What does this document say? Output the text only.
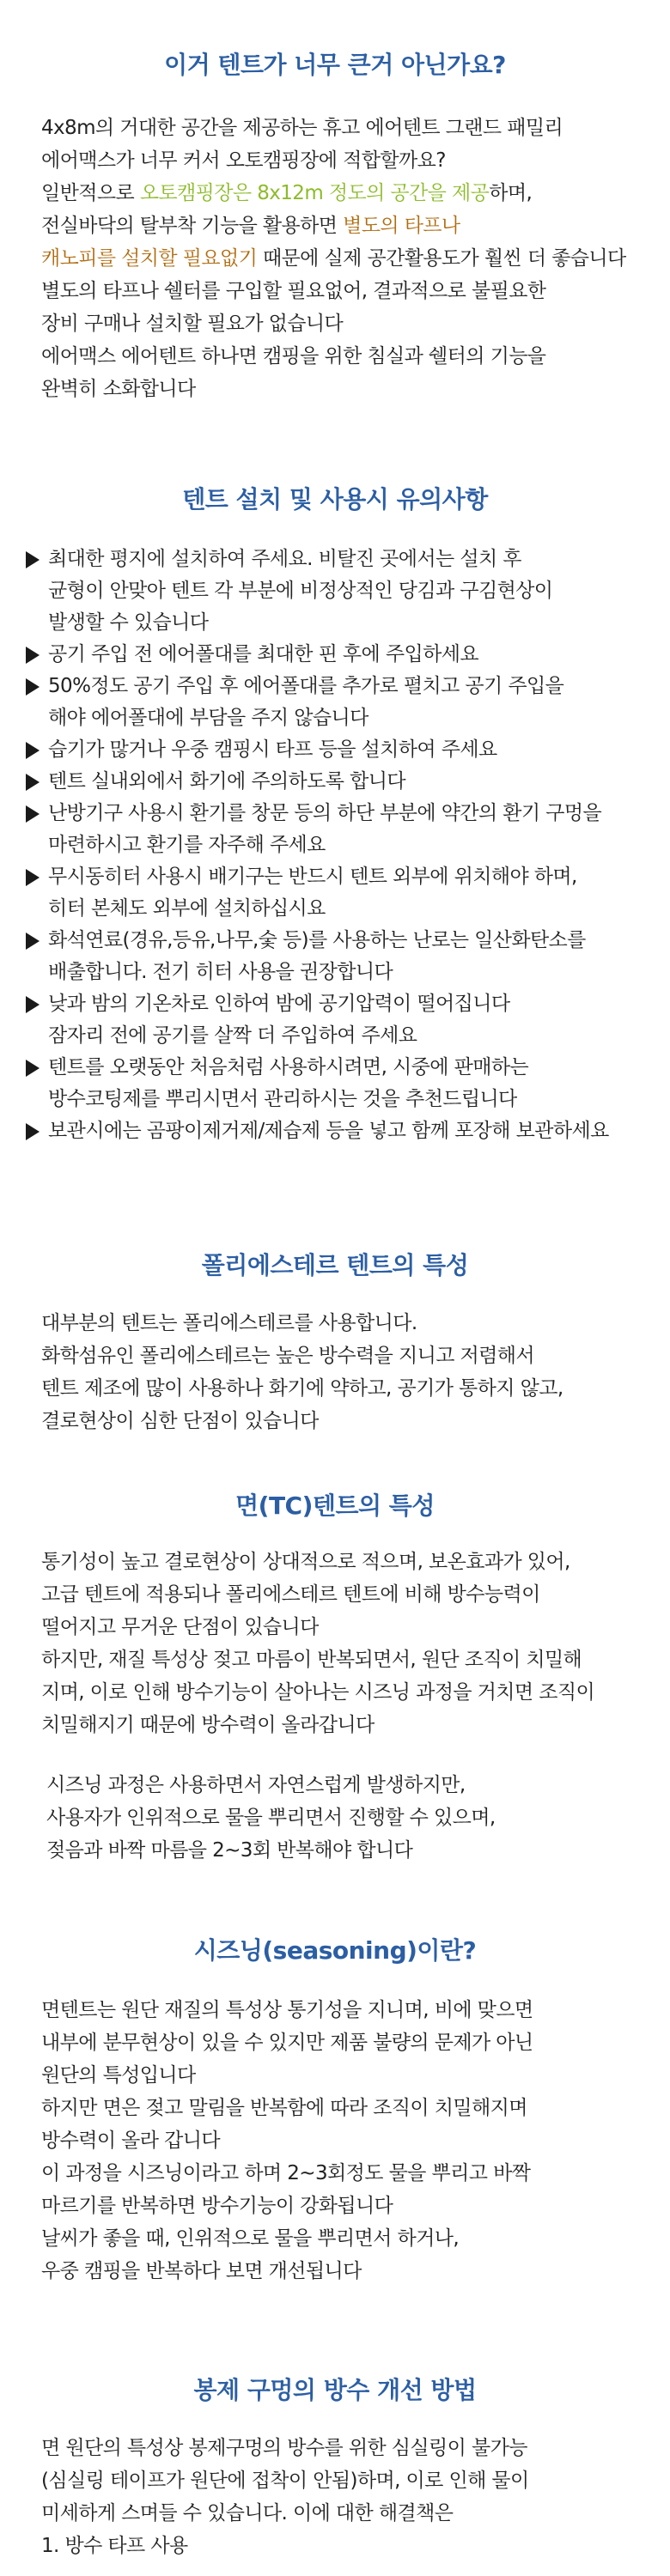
이거 텐트가 너무 큰거 아닌가요?
4x8m의 거대한 공간을 제공하는 휴고 에어텐트 그랜드 패밀리
에어맥스가 너무 커서 오토캠핑장에 적합할까요?
일반적으로 오토캠핑장은 8x12m 정도의 공간을 제공하며,
전실바닥의 탈부착 기능을 활용하면 별도의 타프나
캐노피를 설치할 필요없기 때문에 실제 공간활용도가 훨씬 더 좋습니다
별도의 타프나 쉘터를 구입할 필요없어, 결과적으로 불필요한
장비 구매나 설치할 필요가 없습니다
에어맥스 에어텐트 하나면 캠핑을 위한 침실과 쉘터의 기능을
완벽히 소화합니다
텐트 설치 및 사용시 유의사항
최대한 평지에 설치하여 주세요. 비탈진 곳에서는 설치 후
균형이 안맞아 텐트 각 부분에 비정상적인 당김과 구김현상이
발생할 수 있습니다
공기 주입 전 에어폴대를 최대한 핀 후에 주입하세요
50%정도 공기 주입 후 에어폴대를 추가로 펼치고 공기 주입을
해야 에어폴대에 부담을 주지 않습니다
습기가 많거나 우중 캠핑시 타프 등을 설치하여 주세요
텐트 실내외에서 화기에 주의하도록 합니다
난방기구 사용시 환기를 창문 등의 하단 부분에 약간의 환기 구멍을
마련하시고 환기를 자주해 주세요
무시동히터 사용시 배기구는 반드시 텐트 외부에 위치해야 하며,
히터 본체도 외부에 설치하십시요
화석연료(경유,등유,나무,숯 등)를 사용하는 난로는 일산화탄소를
배출합니다. 전기 히터 사용을 권장합니다
낮과 밤의 기온차로 인하여 밤에 공기압력이 떨어집니다
잠자리 전에 공기를 살짝 더 주입하여 주세요
텐트를 오랫동안 처음처럼 사용하시려면, 시중에 판매하는
방수코팅제를 뿌리시면서 관리하시는 것을 추천드립니다
보관시에는 곰팡이제거제/제습제 등을 넣고 함께 포장해 보관하세요
폴리에스테르 텐트의 특성
대부분의 텐트는 폴리에스테르를 사용합니다.
화학섬유인 폴리에스테르는 높은 방수력을 지니고 저렴해서
텐트 제조에 많이 사용하나 화기에 약하고, 공기가 통하지 않고,
결로현상이 심한 단점이 있습니다
면(TC)텐트의 특성
통기성이 높고 결로현상이 상대적으로 적으며, 보온효과가 있어,
고급 텐트에 적용되나 폴리에스테르 텐트에 비해 방수능력이
떨어지고 무거운 단점이 있습니다
하지만, 재질 특성상 젖고 마름이 반복되면서, 원단 조직이 치밀해
지며, 이로 인해 방수기능이 살아나는 시즈닝 과정을 거치면 조직이
치밀해지기 때문에 방수력이 올라갑니다
시즈닝 과정은 사용하면서 자연스럽게 발생하지만,
사용자가 인위적으로 물을 뿌리면서 진행할 수 있으며,
젖음과 바짝 마름을 2~3회 반복해야 합니다
시즈닝(seasoning)이란?
면텐트는 원단 재질의 특성상 통기성을 지니며, 비에 맞으면
내부에 분무현상이 있을 수 있지만 제품 불량의 문제가 아닌
원단의 특성입니다
하지만 면은 젖고 말림을 반복함에 따라 조직이 치밀해지며
방수력이 올라 갑니다
이 과정을 시즈닝이라고 하며 2~3회정도 물을 뿌리고 바짝
마르기를 반복하면 방수기능이 강화됩니다
날씨가 좋을 때, 인위적으로 물을 뿌리면서 하거나,
우중 캠핑을 반복하다 보면 개선됩니다
봉제 구멍의 방수 개선 방법
면 원단의 특성상 봉제구멍의 방수를 위한 심실링이 불가능
(심실링 테이프가 원단에 접착이 안됨)하며, 이로 인해 물이
미세하게 스며들 수 있습니다. 이에 대한 해결책은
1. 방수 타프 사용
